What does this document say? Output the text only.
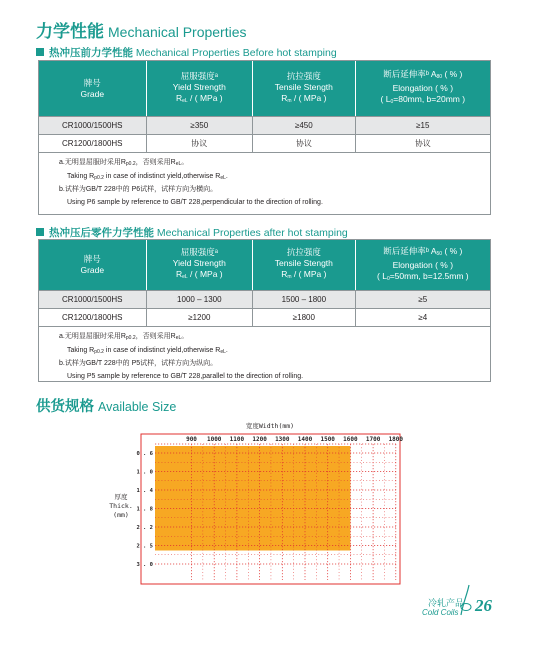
力学性能 Mechanical Properties
热冲压前力学性能 Mechanical Properties Before hot stamping
牌号
Grade
屈服强度ᵃ
Yield Strength
$R_{eL}$ / ( MPa )
抗拉强度
Tensile Stength
$R_m$ / ( MPa )
断后延伸率ᵇ $A_{80}$ ( % )
Elongation ( % )
( $L_0=80mm$, b=20mm )
CR1000/1500HS	≥350	≥450	≥15
CR1200/1800HS	协议	协议	协议
a.无明显屈服时采用$R_{p0.2}$，否则采用$R_{eL}$。
Taking $R_{p0.2}$ in case of indistinct yield,otherwise $R_{eL}$.
b.试样为GB/T 228中的 P6试样，试样方向为横向。
Using P6 sample by reference to GB/T 228,perpendicular to the direction of rolling.
热冲压后零件力学性能 Mechanical Properties after hot stamping
牌号
Grade
屈服强度ᵃ
Yield Strength
$R_{eL}$ / ( MPa )
抗拉强度
Tensile Stength
$R_m$ / ( MPa )
断后延伸率ᵇ $A_{50}$ ( % )
Elongation ( % )
( $L_0=50mm$, b=12.5mm )
CR1000/1500HS	1000 – 1300	1500 – 1800	≥5
CR1200/1800HS	≥1200	≥1800	≥4
a.无明显屈服时采用$R_{p0.2}$，否则采用$R_{eL}$。
Taking $R_{p0.2}$ in case of indistinct yield,otherwise $R_{eL}$.
b.试样为GB/T 228中的 P5试样，试样方向为纵向。
Using P5 sample by reference to GB/T 228,parallel to the direction of rolling.
供货规格 Available Size
宽度Width(mm)
900 1000 1100 1200 1300 1400 1500 1600 1700 1800
0 . 6
1 . 0
1 . 4
1 . 8
2 . 2
2 . 5
3 . 0
厚度
Thick.
(mm)
冷轧产品
Cold Coils 26
